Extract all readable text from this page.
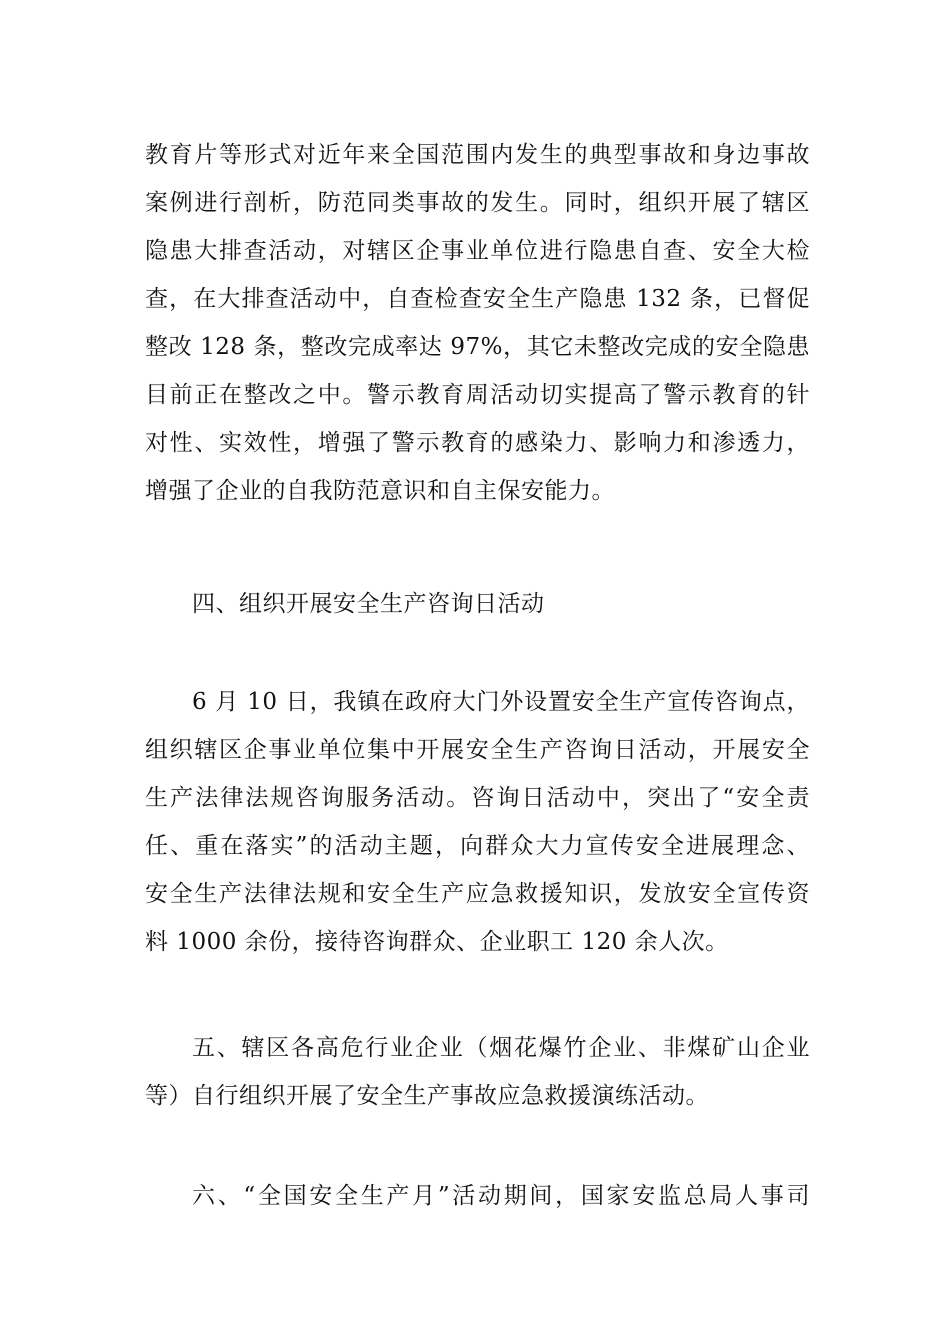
教育片等形式对近年来全国范围内发生的典型事故和身边事故
案例进行剖析，防范同类事故的发生。同时，组织开展了辖区
隐患大排查活动，对辖区企事业单位进行隐患自查、安全大检
查，在大排查活动中，自查检查安全生产隐患 132 条，已督促
整改 128 条，整改完成率达 97%，其它未整改完成的安全隐患
目前正在整改之中。警示教育周活动切实提高了警示教育的针
对性、实效性，增强了警示教育的感染力、影响力和渗透力，
增强了企业的自我防范意识和自主保安能力。
四、组织开展安全生产咨询日活动
6 月 10 日，我镇在政府大门外设置安全生产宣传咨询点，
组织辖区企事业单位集中开展安全生产咨询日活动，开展安全
生产法律法规咨询服务活动。咨询日活动中，突出了“安全责
任、重在落实”的活动主题，向群众大力宣传安全进展理念、
安全生产法律法规和安全生产应急救援知识，发放安全宣传资
料 1000 余份，接待咨询群众、企业职工 120 余人次。
五、辖区各高危行业企业（烟花爆竹企业、非煤矿山企业
等）自行组织开展了安全生产事故应急救援演练活动。
六、“全国安全生产月”活动期间，国家安监总局人事司
